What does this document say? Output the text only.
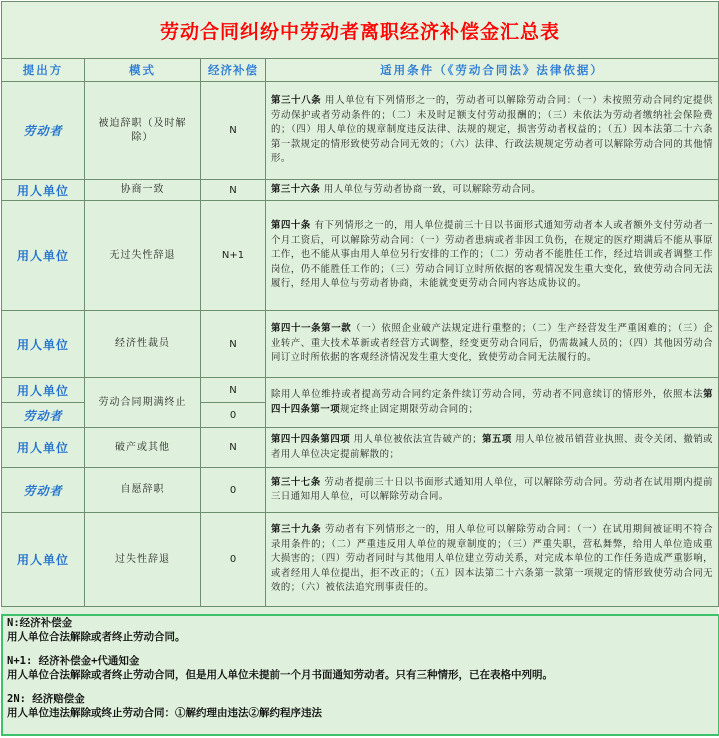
劳动合同纠纷中劳动者离职经济补偿金汇总表			
提出方	模式	经济补偿	适用条件（《劳动合同法》法律依据）
劳动者	被迫辞职（及时解除）	N	第三十八条 用人单位有下列情形之一的，劳动者可以解除劳动合同：（一）未按照劳动合同约定提供劳动保护或者劳动条件的；（二）未及时足额支付劳动报酬的；（三）未依法为劳动者缴纳社会保险费的；（四）用人单位的规章制度违反法律、法规的规定，损害劳动者权益的；（五）因本法第二十六条第一款规定的情形致使劳动合同无效的；（六）法律、行政法规规定劳动者可以解除劳动合同的其他情形。
用人单位	协商一致	N	第三十六条 用人单位与劳动者协商一致，可以解除劳动合同。
用人单位	无过失性辞退	N+1	第四十条 有下列情形之一的，用人单位提前三十日以书面形式通知劳动者本人或者额外支付劳动者一个月工资后，可以解除劳动合同：（一）劳动者患病或者非因工负伤，在规定的医疗期满后不能从事原工作，也不能从事由用人单位另行安排的工作的；（二）劳动者不能胜任工作，经过培训或者调整工作岗位，仍不能胜任工作的；（三）劳动合同订立时所依据的客观情况发生重大变化，致使劳动合同无法履行，经用人单位与劳动者协商，未能就变更劳动合同内容达成协议的。
用人单位	经济性裁员	N	第四十一条第一款（一）依照企业破产法规定进行重整的；（二）生产经营发生严重困难的；（三）企业转产、重大技术革新或者经营方式调整，经变更劳动合同后，仍需裁减人员的；（四）其他因劳动合同订立时所依据的客观经济情况发生重大变化，致使劳动合同无法履行的。
用人单位	劳动合同期满终止	N	除用人单位维持或者提高劳动合同约定条件续订劳动合同，劳动者不同意续订的情形外，依照本法第四十四条第一项规定终止固定期限劳动合同的；
劳动者		0	
用人单位	破产或其他	N	第四十四条第四项 用人单位被依法宣告破产的；第五项 用人单位被吊销营业执照、责令关闭、撤销或者用人单位决定提前解散的；
劳动者	自愿辞职	0	第三十七条 劳动者提前三十日以书面形式通知用人单位，可以解除劳动合同。劳动者在试用期内提前三日通知用人单位，可以解除劳动合同。
用人单位	过失性辞退	0	第三十九条 劳动者有下列情形之一的，用人单位可以解除劳动合同：（一）在试用期间被证明不符合录用条件的；（二）严重违反用人单位的规章制度的；（三）严重失职，营私舞弊，给用人单位造成重大损害的；（四）劳动者同时与其他用人单位建立劳动关系，对完成本单位的工作任务造成严重影响，或者经用人单位提出，拒不改正的；（五）因本法第二十六条第一款第一项规定的情形致使劳动合同无效的；（六）被依法追究刑事责任的。
N:经济补偿金
用人单位合法解除或者终止劳动合同。
N+1: 经济补偿金+代通知金
用人单位合法解除或者终止劳动合同，但是用人单位未提前一个月书面通知劳动者。只有三种情形，已在表格中列明。
2N: 经济赔偿金
用人单位违法解除或终止劳动合同：①解约理由违法②解约程序违法
